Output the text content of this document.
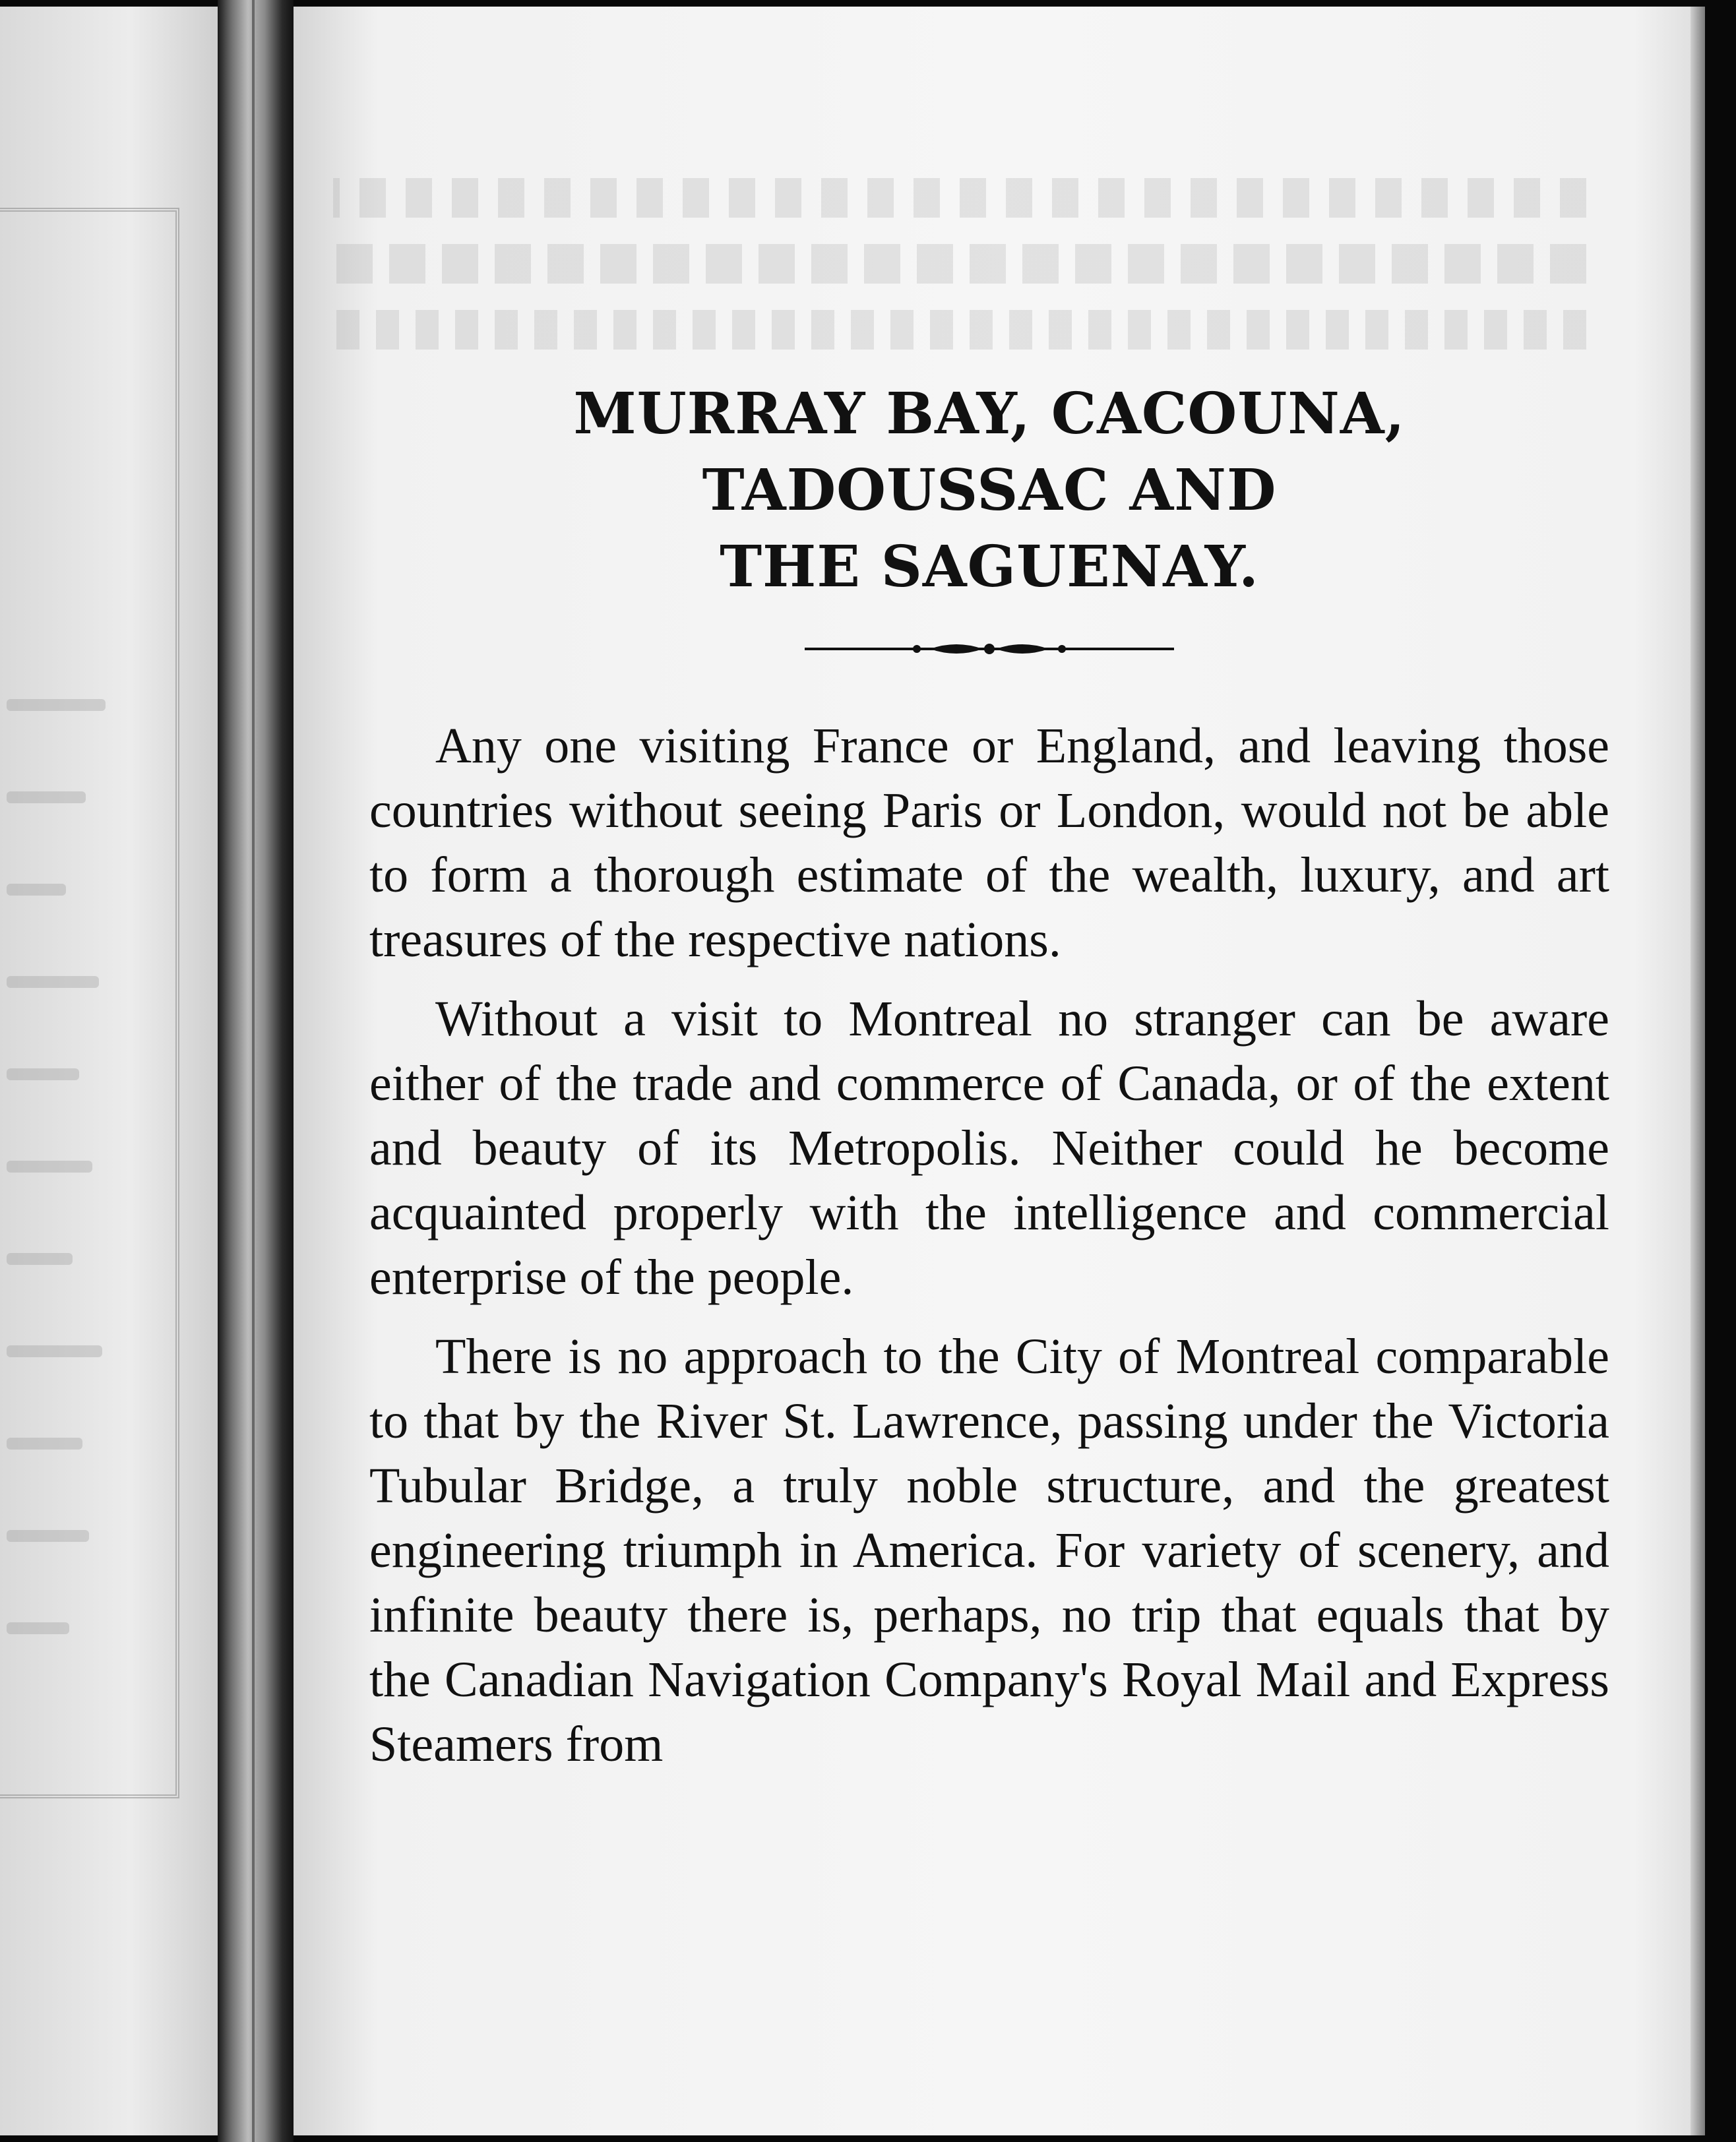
MURRAY BAY, CACOUNA, TADOUSSAC AND
THE SAGUENAY.

Any one visiting France or England, and leaving those countries without seeing Paris or London, would not be able to form a thorough estimate of the wealth, luxury, and art treasures of the respective nations.

Without a visit to Montreal no stranger can be aware either of the trade and commerce of Canada, or of the extent and beauty of its Metropolis. Neither could he become acquainted properly with the intelligence and commercial enterprise of the people.

There is no approach to the City of Montreal comparable to that by the River St. Lawrence, passing under the Victoria Tubular Bridge, a truly noble structure, and the greatest engineering triumph in America. For variety of scenery, and infinite beauty there is, perhaps, no trip that equals that by the Canadian Navigation Company's Royal Mail and Express Steamers from
